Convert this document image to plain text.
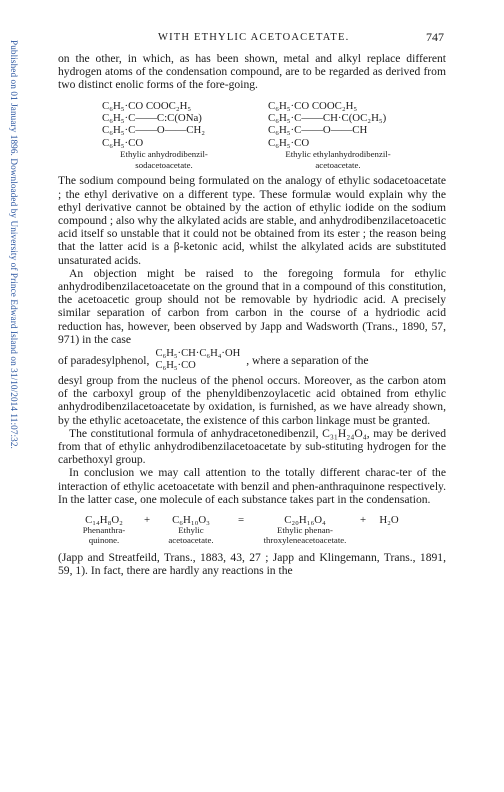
Published on 01 January 1896. Downloaded by University of Prince Edward Island on 31/10/2014 11:07:32.
WITH ETHYLIC ACETOACETATE.	747

on the other, in which, as has been shown, metal and alkyl replace different hydrogen atoms of the condensation compound, are to be regarded as derived from two distinct enolic forms of the fore-going.

C₆H₅·CO COOC₂H₅
C₆H₅·C——C:C(ONa)
C₆H₅·C——O——CH₂
C₆H₅·CO
Ethylic anhydrodibenzil-
sodacetoacetate.
C₆H₅·CO COOC₂H₅
C₆H₅·C——CH·C(OC₂H₅)
C₆H₅·C——O——CH
C₆H₅·CO
Ethylic ethylanhydrodibenzil-
acetoacetate.

The sodium compound being formulated on the analogy of ethylic sodacetoacetate ; the ethyl derivative on a different type. These formulæ would explain why the ethyl derivative cannot be obtained by the action of ethylic iodide on the sodium compound ; also why the alkylated acids are stable, and anhydrodibenzilacetoacetic acid itself so unstable that it could not be obtained from its ester ; the reason being that the latter acid is a β-ketonic acid, whilst the alkylated acids are substituted unsaturated acids.

An objection might be raised to the foregoing formula for ethylic anhydrodibenzilacetoacetate on the ground that in a compound of this constitution, the acetoacetic group should not be removable by hydriodic acid. A precisely similar separation of carbon from carbon in the course of a hydriodic acid reduction has, however, been observed by Japp and Wadsworth (Trans., 1890, 57, 971) in the case

of paradesylphenol, C₆H₅·CH·C₆H₄·OH
C₆H₅·CO	, where a separation of the

desyl group from the nucleus of the phenol occurs. Moreover, as the carbon atom of the carboxyl group of the phenyldibenzoylacetic acid obtained from ethylic anhydrodibenzilacetoacetate by oxidation, is furnished, as we have already shown, by the ethylic acetoacetate, the existence of this carbon linkage must be granted.

The constitutional formula of anhydracetonedibenzil, C₃₁H₂₄O₄, may be derived from that of ethylic anhydrodibenzilacetoacetate by sub-stituting hydrogen for the carbethoxyl group.

In conclusion we may call attention to the totally different charac-ter of the interaction of ethylic acetoacetate with benzil and phen-anthraquinone respectively. In the latter case, one molecule of each substance takes part in the condensation.

C₁₄H₈O₂
Phenanthra-
quinone.
+	C₆H₁₀O₃
Ethylic
acetoacetate.
=	C₂₀H₁₆O₄
Ethylic phenan-
throxyleneacetoacetate.
+	H₂O

(Japp and Streatfeild, Trans., 1883, 43, 27 ; Japp and Klingemann, Trans., 1891, 59, 1). In fact, there are hardly any reactions in the
